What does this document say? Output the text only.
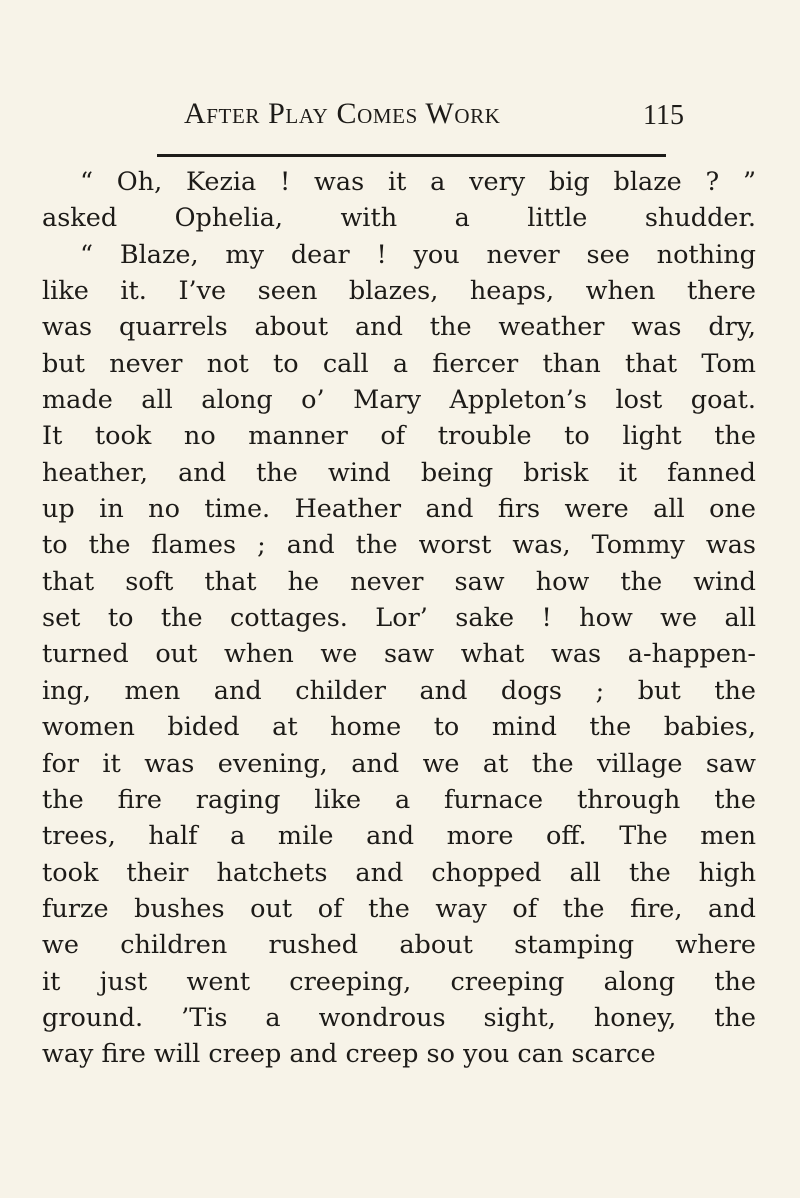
After Play Comes Work	115
“ Oh, Kezia ! was it a very big blaze ? ”
asked Ophelia, with a little shudder.
“ Blaze, my dear ! you never see nothing
like it. I’ve seen blazes, heaps, when there
was quarrels about and the weather was dry,
but never not to call a fiercer than that Tom
made all along o’ Mary Appleton’s lost goat.
It took no manner of trouble to light the
heather, and the wind being brisk it fanned
up in no time. Heather and firs were all one
to the flames ; and the worst was, Tommy was
that soft that he never saw how the wind
set to the cottages. Lor’ sake ! how we all
turned out when we saw what was a-happen-
ing, men and childer and dogs ; but the
women bided at home to mind the babies,
for it was evening, and we at the village saw
the fire raging like a furnace through the
trees, half a mile and more off. The men
took their hatchets and chopped all the high
furze bushes out of the way of the fire, and
we children rushed about stamping where
it just went creeping, creeping along the
ground. ’Tis a wondrous sight, honey, the
way fire will creep and creep so you can scarce
